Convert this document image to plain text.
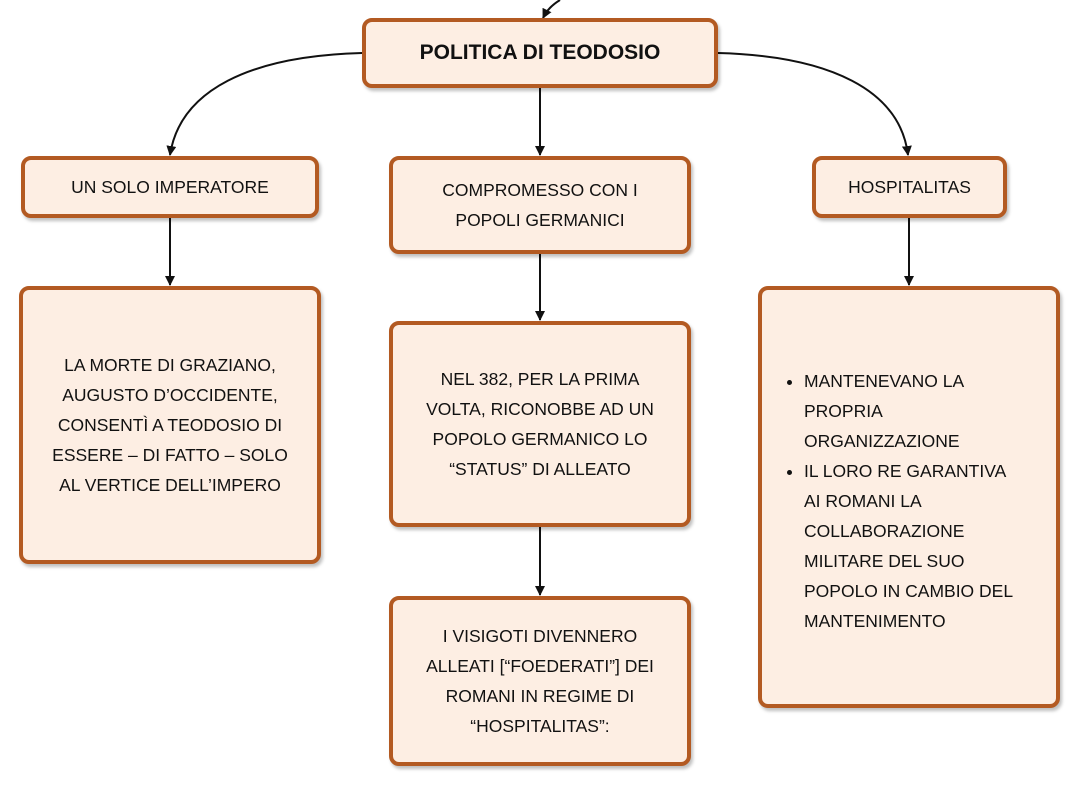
POLITICA DI TEODOSIO
UN SOLO IMPERATORE	COMPROMESSO CON I
POPOLI GERMANICI
HOSPITALITAS
LA MORTE DI GRAZIANO,
AUGUSTO D’OCCIDENTE,
CONSENTÌ A TEODOSIO DI
ESSERE – DI FATTO – SOLO
AL VERTICE DELL’IMPERO
NEL 382, PER LA PRIMA
VOLTA, RICONOBBE AD UN
POPOLO GERMANICO LO
“STATUS” DI ALLEATO
I VISIGOTI DIVENNERO
ALLEATI [“FOEDERATI”] DEI
ROMANI IN REGIME DI
“HOSPITALITAS”:
• MANTENEVANO LA
PROPRIA
ORGANIZZAZIONE
• IL LORO RE GARANTIVA
AI ROMANI LA
COLLABORAZIONE
MILITARE DEL SUO
POPOLO IN CAMBIO DEL
MANTENIMENTO
